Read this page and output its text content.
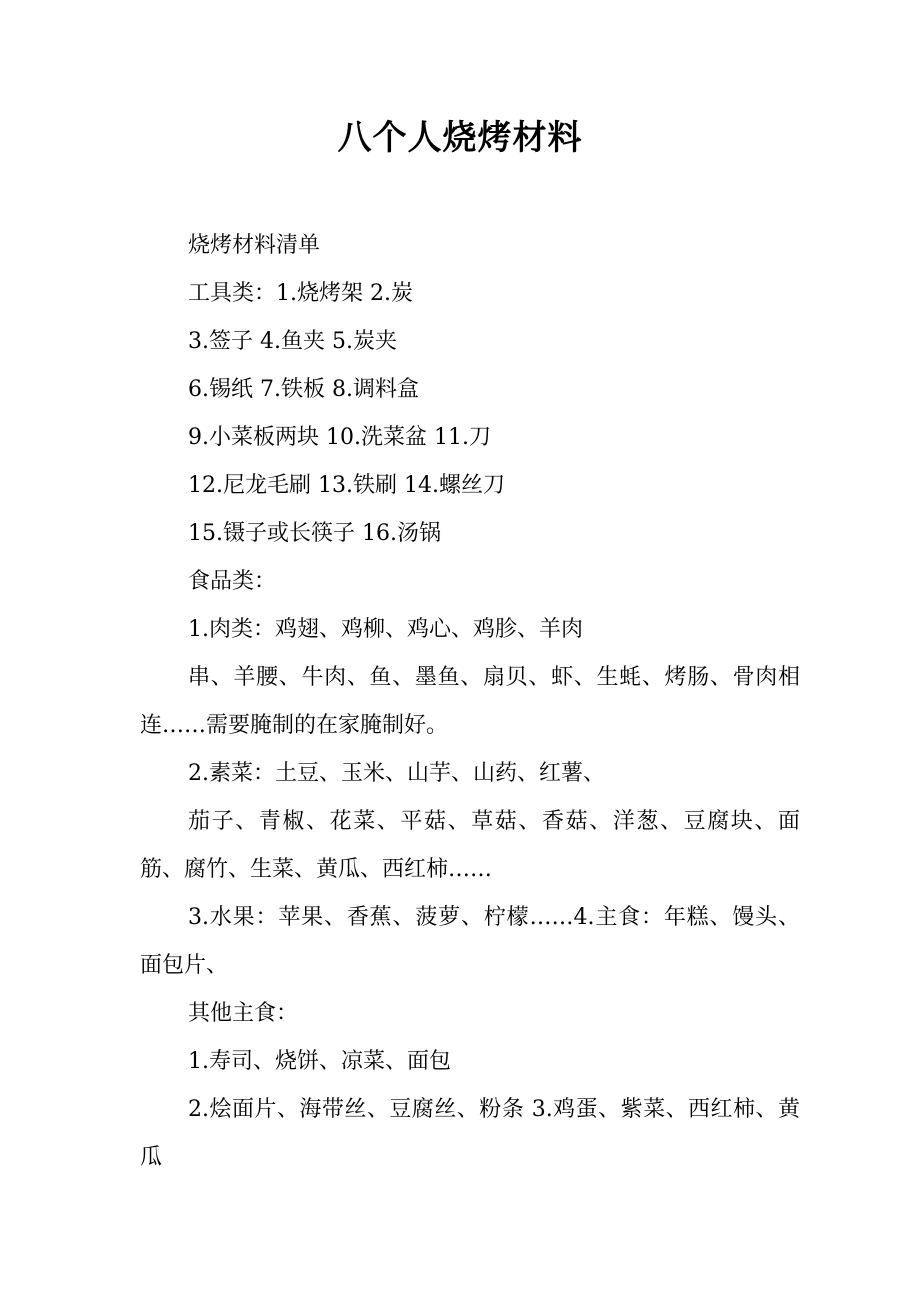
八个人烧烤材料

烧烤材料清单

工具类：1.烧烤架 2.炭

3.签子 4.鱼夹 5.炭夹

6.锡纸 7.铁板 8.调料盒

9.小菜板两块 10.洗菜盆 11.刀

12.尼龙毛刷 13.铁刷 14.螺丝刀

15.镊子或长筷子 16.汤锅

食品类：

1.肉类：鸡翅、鸡柳、鸡心、鸡胗、羊肉

串、羊腰、牛肉、鱼、墨鱼、扇贝、虾、生蚝、烤肠、骨肉相连……需要腌制的在家腌制好。

2.素菜：土豆、玉米、山芋、山药、红薯、

茄子、青椒、花菜、平菇、草菇、香菇、洋葱、豆腐块、面筋、腐竹、生菜、黄瓜、西红柿……

3.水果：苹果、香蕉、菠萝、柠檬……4.主食：年糕、馒头、面包片、

其他主食：

1.寿司、烧饼、凉菜、面包

2.烩面片、海带丝、豆腐丝、粉条 3.鸡蛋、紫菜、西红柿、黄瓜
